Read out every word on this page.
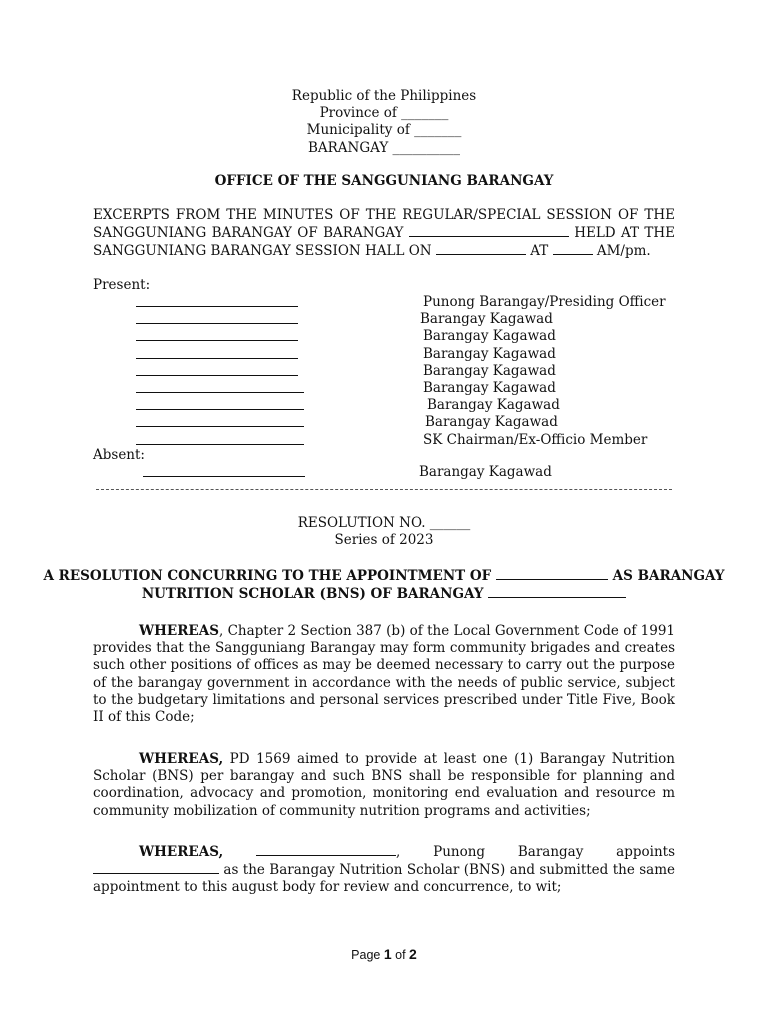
Republic of the Philippines
Province of _______
Municipality of _______
BARANGAY __________
OFFICE OF THE SANGGUNIANG BARANGAY
EXCERPTS FROM THE MINUTES OF THE REGULAR/SPECIAL SESSION OF THE SANGGUNIANG BARANGAY OF BARANGAY	HELD AT THE SANGGUNIANG BARANGAY SESSION HALL ON	AT	AM/pm.
Present:
Punong Barangay/Presiding Officer
Barangay Kagawad
Barangay Kagawad
Barangay Kagawad
Barangay Kagawad
Barangay Kagawad
Barangay Kagawad
Barangay Kagawad
SK Chairman/Ex-Officio Member
Absent:
Barangay Kagawad
RESOLUTION NO. ______
Series of 2023
A RESOLUTION CONCURRING TO THE APPOINTMENT OF	AS BARANGAY NUTRITION SCHOLAR (BNS) OF BARANGAY
WHEREAS, Chapter 2 Section 387 (b) of the Local Government Code of 1991 provides that the Sangguniang Barangay may form community brigades and creates such other positions of offices as may be deemed necessary to carry out the purpose of the barangay government in accordance with the needs of public service, subject to the budgetary limitations and personal services prescribed under Title Five, Book II of this Code;
WHEREAS, PD 1569 aimed to provide at least one (1) Barangay Nutrition Scholar (BNS) per barangay and such BNS shall be responsible for planning and coordination, advocacy and promotion, monitoring end evaluation and resource m community mobilization of community nutrition programs and activities;
WHEREAS,	, Punong Barangay appoints  as the Barangay Nutrition Scholar (BNS) and submitted the same appointment to this august body for review and concurrence, to wit;
Page 1 of 2
